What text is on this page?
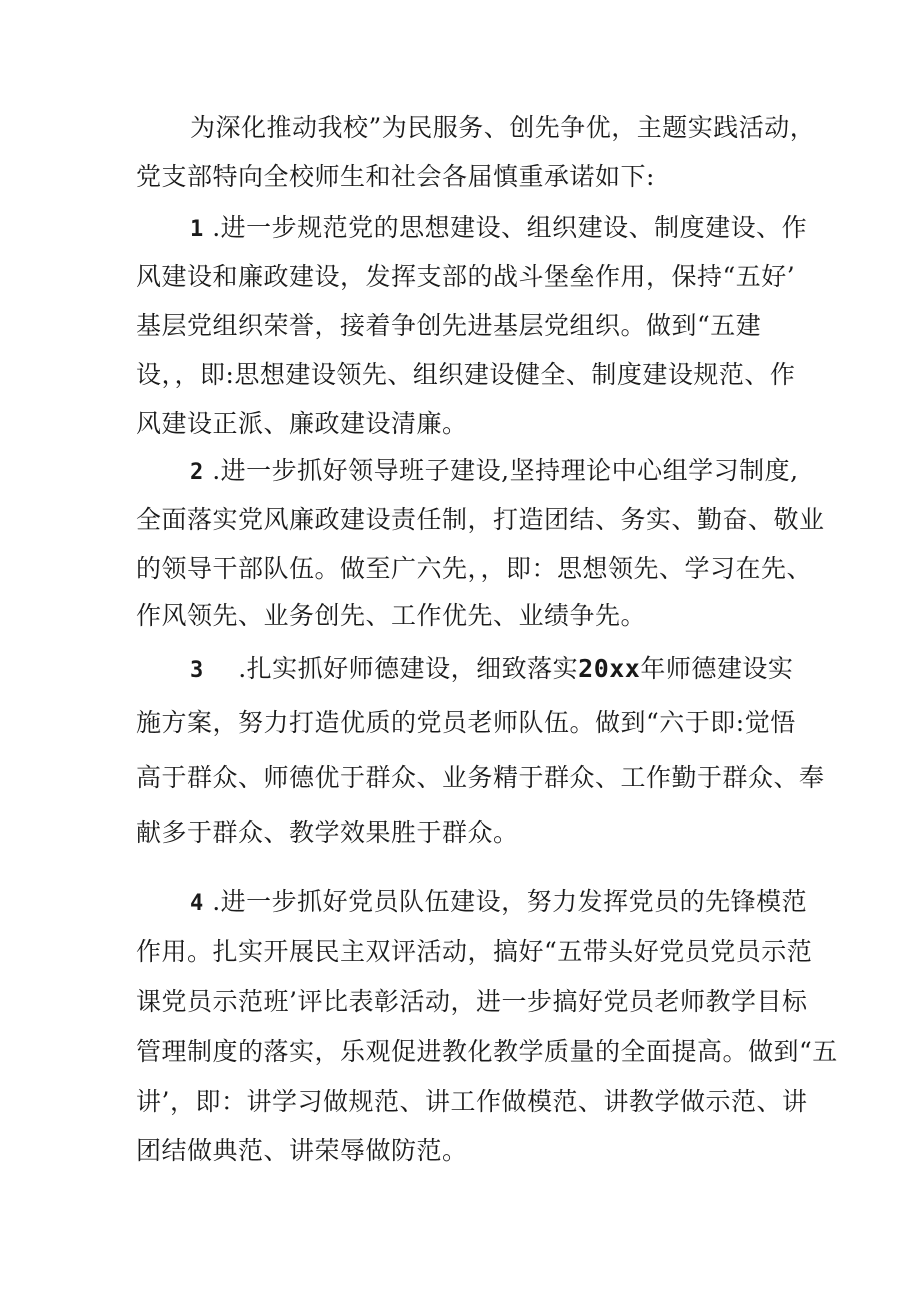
为深化推动我校”为民服务、创先争优，主题实践活动，
党支部特向全校师生和社会各届慎重承诺如下:
1 .进一步规范党的思想建设、组织建设、制度建设、作
风建设和廉政建设，发挥支部的战斗堡垒作用，保持“五好’
基层党组织荣誉，接着争创先进基层党组织。做到“五建
设，，即:思想建设领先、组织建设健全、制度建设规范、作
风建设正派、廉政建设清廉。
2 .进一步抓好领导班子建设,坚持理论中心组学习制度,
全面落实党风廉政建设责任制，打造团结、务实、勤奋、敬业
的领导干部队伍。做至广六先，，即：思想领先、学习在先、
作风领先、业务创先、工作优先、业绩争先。
3 .扎实抓好师德建设，细致落实20xx年师德建设实
施方案，努力打造优质的党员老师队伍。做到“六于即:觉悟
高于群众、师德优于群众、业务精于群众、工作勤于群众、奉
献多于群众、教学效果胜于群众。
4 .进一步抓好党员队伍建设，努力发挥党员的先锋模范
作用。扎实开展民主双评活动，搞好“五带头好党员党员示范
课党员示范班’评比表彰活动，进一步搞好党员老师教学目标
管理制度的落实，乐观促进教化教学质量的全面提高。做到“五
讲’，即：讲学习做规范、讲工作做模范、讲教学做示范、讲
团结做典范、讲荣辱做防范。
